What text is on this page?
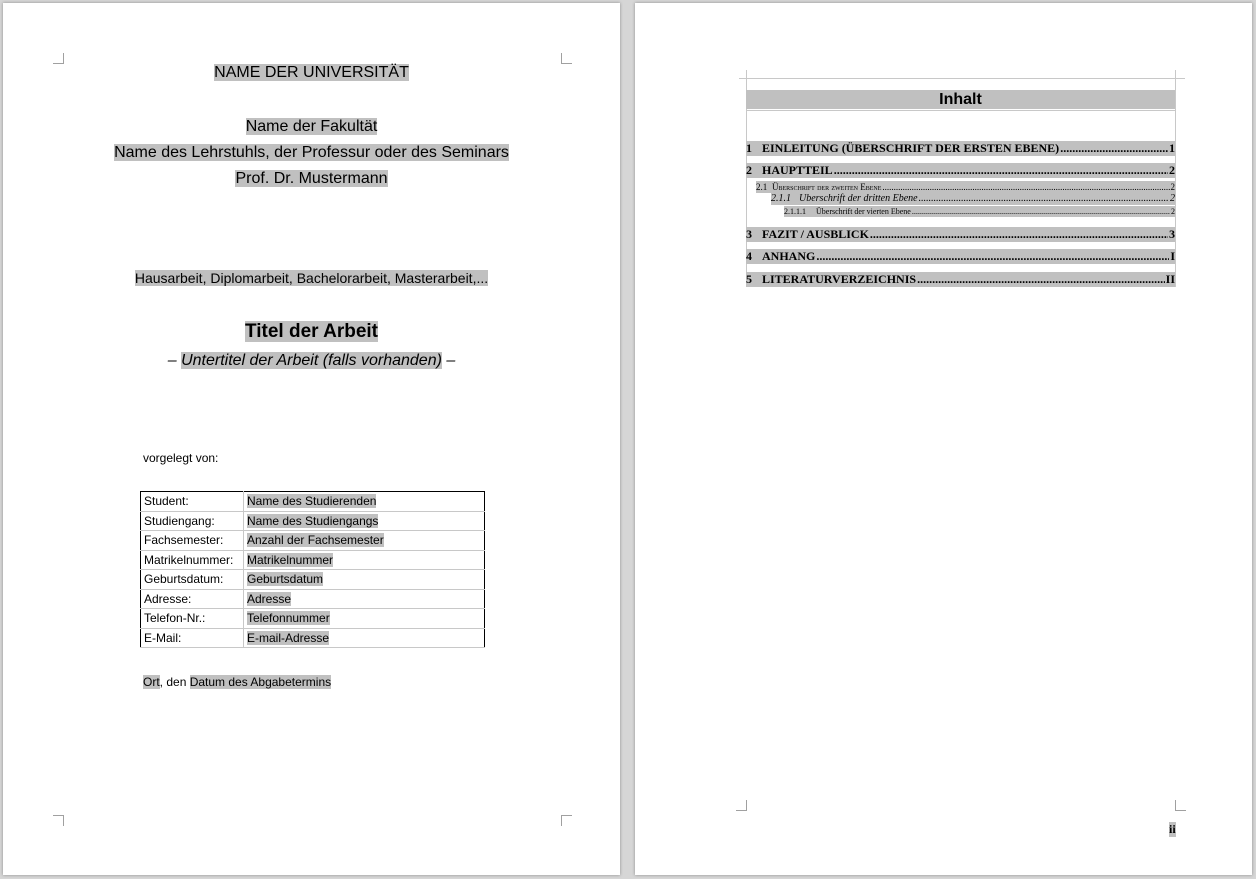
NAME DER UNIVERSITÄT
Name der Fakultät
Name des Lehrstuhls, der Professur oder des Seminars
Prof. Dr. Mustermann
Hausarbeit, Diplomarbeit, Bachelorarbeit, Masterarbeit,...
Titel der Arbeit
– Untertitel der Arbeit (falls vorhanden) –
vorgelegt von:
Student:	Name des Studierenden
Studiengang:	Name des Studiengangs
Fachsemester:	Anzahl der Fachsemester
Matrikelnummer:	Matrikelnummer
Geburtsdatum:	Geburtsdatum
Adresse:	Adresse
Telefon-Nr.:	Telefonnummer
E-Mail:	E-mail-Adresse
Ort, den Datum des Abgabetermins
Inhalt
1 EINLEITUNG (ÜBERSCHRIFT DER ERSTEN EBENE) .....	1
2 HAUPTTEIL .....	2
2.1 Überschrift der zweiten Ebene .....	2
2.1.1 Überschrift der dritten Ebene .....	2
2.1.1.1	Überschrift der vierten Ebene .....	2
3 FAZIT / AUSBLICK .....	3
4 ANHANG .....	I
5 LITERATURVERZEICHNIS .....	II
ii
